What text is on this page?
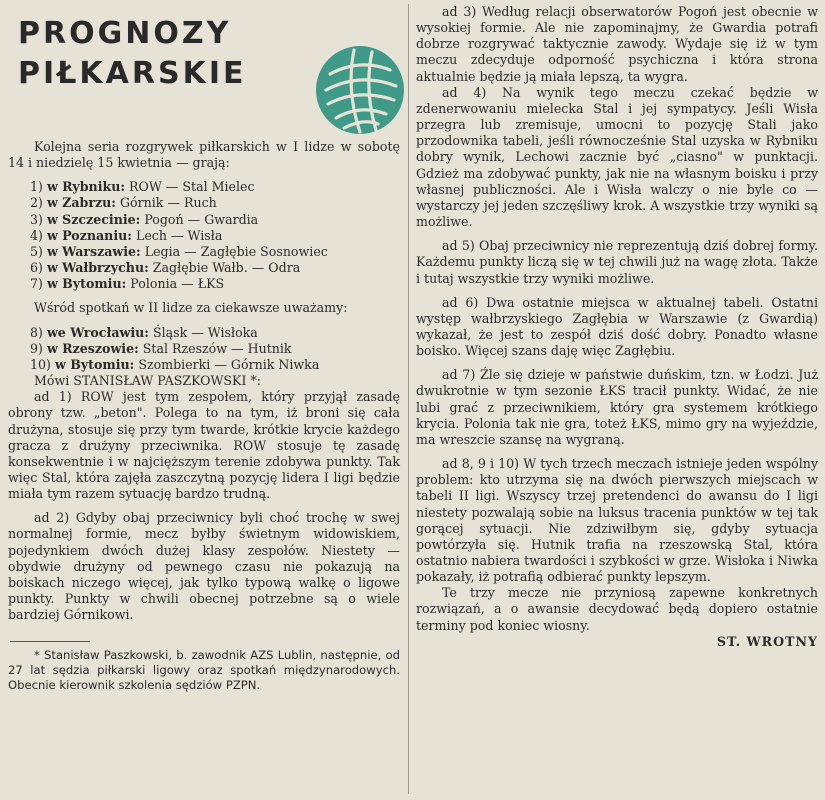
PROGNOZY
PIŁKARSKIE

Kolejna seria rozgrywek piłkarskich w I lidze w sobotę 14 i niedzielę 15 kwietnia — grają:

1) w Rybniku: ROW — Stal Mielec
2) w Zabrzu: Górnik — Ruch
3) w Szczecinie: Pogoń — Gwardia
4) w Poznaniu: Lech — Wisła
5) w Warszawie: Legia — Zagłębie Sosnowiec
6) w Wałbrzychu: Zagłębie Wałb. — Odra
7) w Bytomiu: Polonia — ŁKS

Wśród spotkań w II lidze za ciekawsze uważamy:

8) we Wrocławiu: Śląsk — Wisłoka
9) w Rzeszowie: Stal Rzeszów — Hutnik
10) w Bytomiu: Szombierki — Górnik Niwka

Mówi STANISŁAW PASZKOWSKI *:

ad 1) ROW jest tym zespołem, który przyjął zasadę obrony tzw. „beton". Polega to na tym, iż broni się cała drużyna, stosuje się przy tym twarde, krótkie krycie każdego gracza z drużyny przeciwnika. ROW stosuje tę zasadę konsekwentnie i w najcięższym terenie zdobywa punkty. Tak więc Stal, która zajęła zaszczytną pozycję lidera I ligi będzie miała tym razem sytuację bardzo trudną.

ad 2) Gdyby obaj przeciwnicy byli choć trochę w swej normalnej formie, mecz byłby świetnym widowiskiem, pojedynkiem dwóch dużej klasy zespołów. Niestety — obydwie drużyny od pewnego czasu nie pokazują na boiskach niczego więcej, jak tylko typową walkę o ligowe punkty. Punkty w chwili obecnej potrzebne są o wiele bardziej Górnikowi.

* Stanisław Paszkowski, b. zawodnik AZS Lublin, następnie, od 27 lat sędzia piłkarski ligowy oraz spotkań międzynarodowych. Obecnie kierownik szkolenia sędziów PZPN.

ad 3) Według relacji obserwatorów Pogoń jest obecnie w wysokiej formie. Ale nie zapominajmy, że Gwardia potrafi dobrze rozgrywać taktycznie zawody. Wydaje się iż w tym meczu zdecyduje odporność psychiczna i która strona aktualnie będzie ją miała lepszą, ta wygra.

ad 4) Na wynik tego meczu czekać będzie w zdenerwowaniu mielecka Stal i jej sympatycy. Jeśli Wisła przegra lub zremisuje, umocni to pozycję Stali jako przodownika tabeli, jeśli równocześnie Stal uzyska w Rybniku dobry wynik, Lechowi zacznie być „ciasno" w punktacji. Gdzież ma zdobywać punkty, jak nie na własnym boisku i przy własnej publiczności. Ale i Wisła walczy o nie byle co — wystarczy jej jeden szczęśliwy krok. A wszystkie trzy wyniki są możliwe.

ad 5) Obaj przeciwnicy nie reprezentują dziś dobrej formy. Każdemu punkty liczą się w tej chwili już na wagę złota. Także i tutaj wszystkie trzy wyniki możliwe.

ad 6) Dwa ostatnie miejsca w aktualnej tabeli. Ostatni występ wałbrzyskiego Zagłębia w Warszawie (z Gwardią) wykazał, że jest to zespół dziś dość dobry. Ponadto własne boisko. Więcej szans daję więc Zagłębiu.

ad 7) Źle się dzieje w państwie duńskim, tzn. w Łodzi. Już dwukrotnie w tym sezonie ŁKS tracił punkty. Widać, że nie lubi grać z przeciwnikiem, który gra systemem krótkiego krycia. Polonia tak nie gra, toteż ŁKS, mimo gry na wyjeździe, ma wreszcie szansę na wygraną.

ad 8, 9 i 10) W tych trzech meczach istnieje jeden wspólny problem: kto utrzyma się na dwóch pierwszych miejscach w tabeli II ligi. Wszyscy trzej pretendenci do awansu do I ligi niestety pozwalają sobie na luksus tracenia punktów w tej tak gorącej sytuacji. Nie zdziwiłbym się, gdyby sytuacja powtórzyła się. Hutnik trafia na rzeszowską Stal, która ostatnio nabiera twardości i szybkości w grze. Wisłoka i Niwka pokazały, iż potrafią odbierać punkty lepszym.

Te trzy mecze nie przyniosą zapewne konkretnych rozwiązań, a o awansie decydować będą dopiero ostatnie terminy pod koniec wiosny.

ST. WROTNY
